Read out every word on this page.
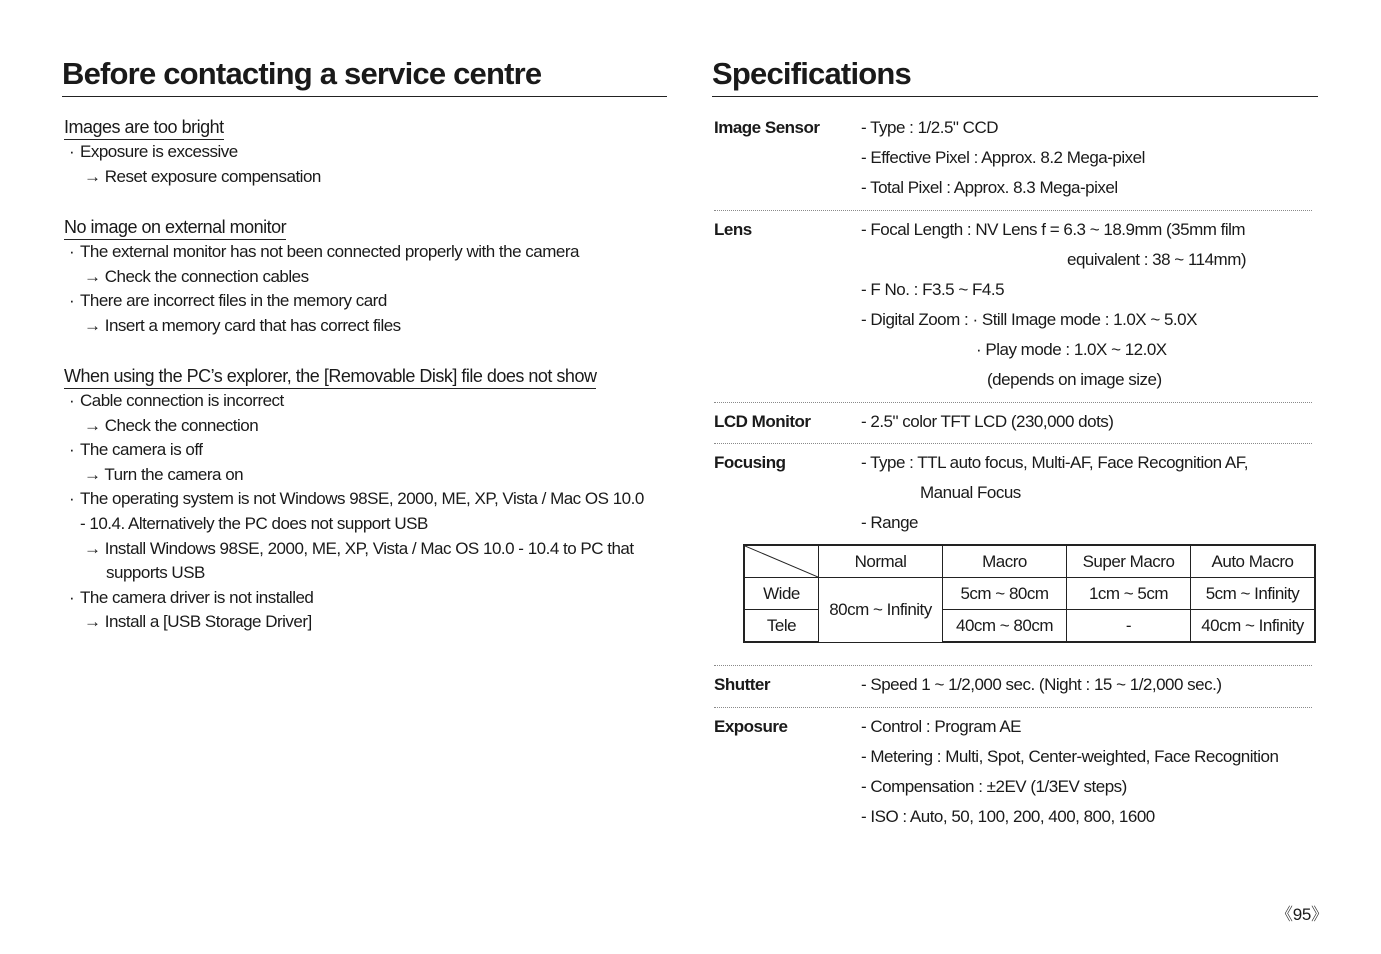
Before contacting a service centre
Images are too bright
· Exposure is excessive
→ Reset exposure compensation
No image on external monitor
· The external monitor has not been connected properly with the camera
→ Check the connection cables
· There are incorrect files in the memory card
→ Insert a memory card that has correct files
When using the PC’s explorer, the [Removable Disk] file does not show
· Cable connection is incorrect
→ Check the connection
· The camera is off
→ Turn the camera on
· The operating system is not Windows 98SE, 2000, ME, XP, Vista / Mac OS 10.0
- 10.4. Alternatively the PC does not support USB
→ Install Windows 98SE, 2000, ME, XP, Vista / Mac OS 10.0 - 10.4 to PC that
supports USB
· The camera driver is not installed
→ Install a [USB Storage Driver]
Specifications
Image Sensor - Type : 1/2.5" CCD
- Effective Pixel : Approx. 8.2 Mega-pixel
- Total Pixel : Approx. 8.3 Mega-pixel
Lens	- Focal Length : NV Lens f = 6.3 ~ 18.9mm (35mm film
equivalent : 38 ~ 114mm)
- F No. : F3.5 ~ F4.5
- Digital Zoom : · Still Image mode : 1.0X ~ 5.0X
· Play mode : 1.0X ~ 12.0X
(depends on image size)
LCD Monitor	- 2.5" color TFT LCD (230,000 dots)
Focusing	- Type : TTL auto focus, Multi-AF, Face Recognition AF,
Manual Focus
- Range
	Normal	Macro	Super Macro	Auto Macro
Wide	80cm ~ Infinity	5cm ~ 80cm	1cm ~ 5cm	5cm ~ Infinity
Tele		40cm ~ 80cm	-	40cm ~ Infinity
Shutter	- Speed 1 ~ 1/2,000 sec. (Night : 15 ~ 1/2,000 sec.)
Exposure	- Control : Program AE
- Metering : Multi, Spot, Center-weighted, Face Recognition
- Compensation : ±2EV (1/3EV steps)
- ISO : Auto, 50, 100, 200, 400, 800, 1600
《95》
